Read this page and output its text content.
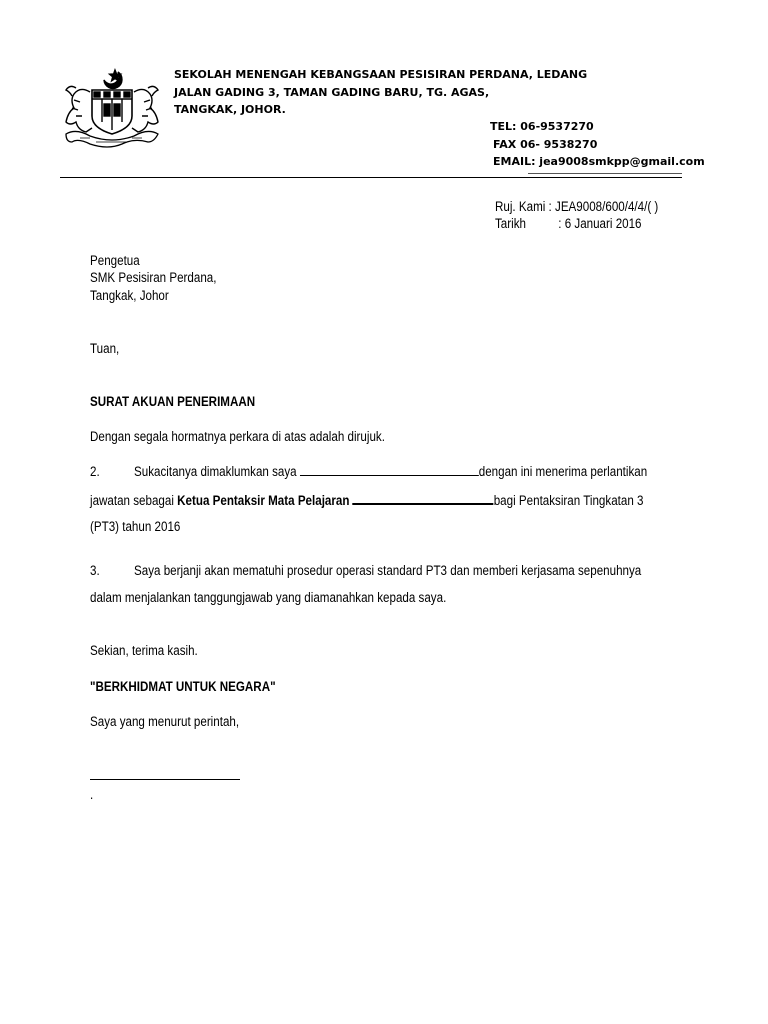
SEKOLAH MENENGAH KEBANGSAAN PESISIRAN PERDANA, LEDANG
JALAN GADING 3, TAMAN GADING BARU, TG. AGAS,
TANGKAK, JOHOR.
TEL: 06-9537270
FAX 06- 9538270
EMAIL: jea9008smkpp@gmail.com
Ruj. Kami : JEA9008/600/4/4/( )
Tarikh : 6 Januari 2016
Pengetua
SMK Pesisiran Perdana,
Tangkak, Johor
Tuan,
SURAT AKUAN PENERIMAAN
Dengan segala hormatnya perkara di atas adalah dirujuk.
2.	Sukacitanya dimaklumkan saya	dengan ini menerima perlantikan
jawatan sebagai Ketua Pentaksir Mata Pelajaran	bagi Pentaksiran Tingkatan 3
(PT3) tahun 2016
3.	Saya berjanji akan mematuhi prosedur operasi standard PT3 dan memberi kerjasama sepenuhnya
dalam menjalankan tanggungjawab yang diamanahkan kepada saya.
Sekian, terima kasih.
"BERKHIDMAT UNTUK NEGARA"
Saya yang menurut perintah,
.
